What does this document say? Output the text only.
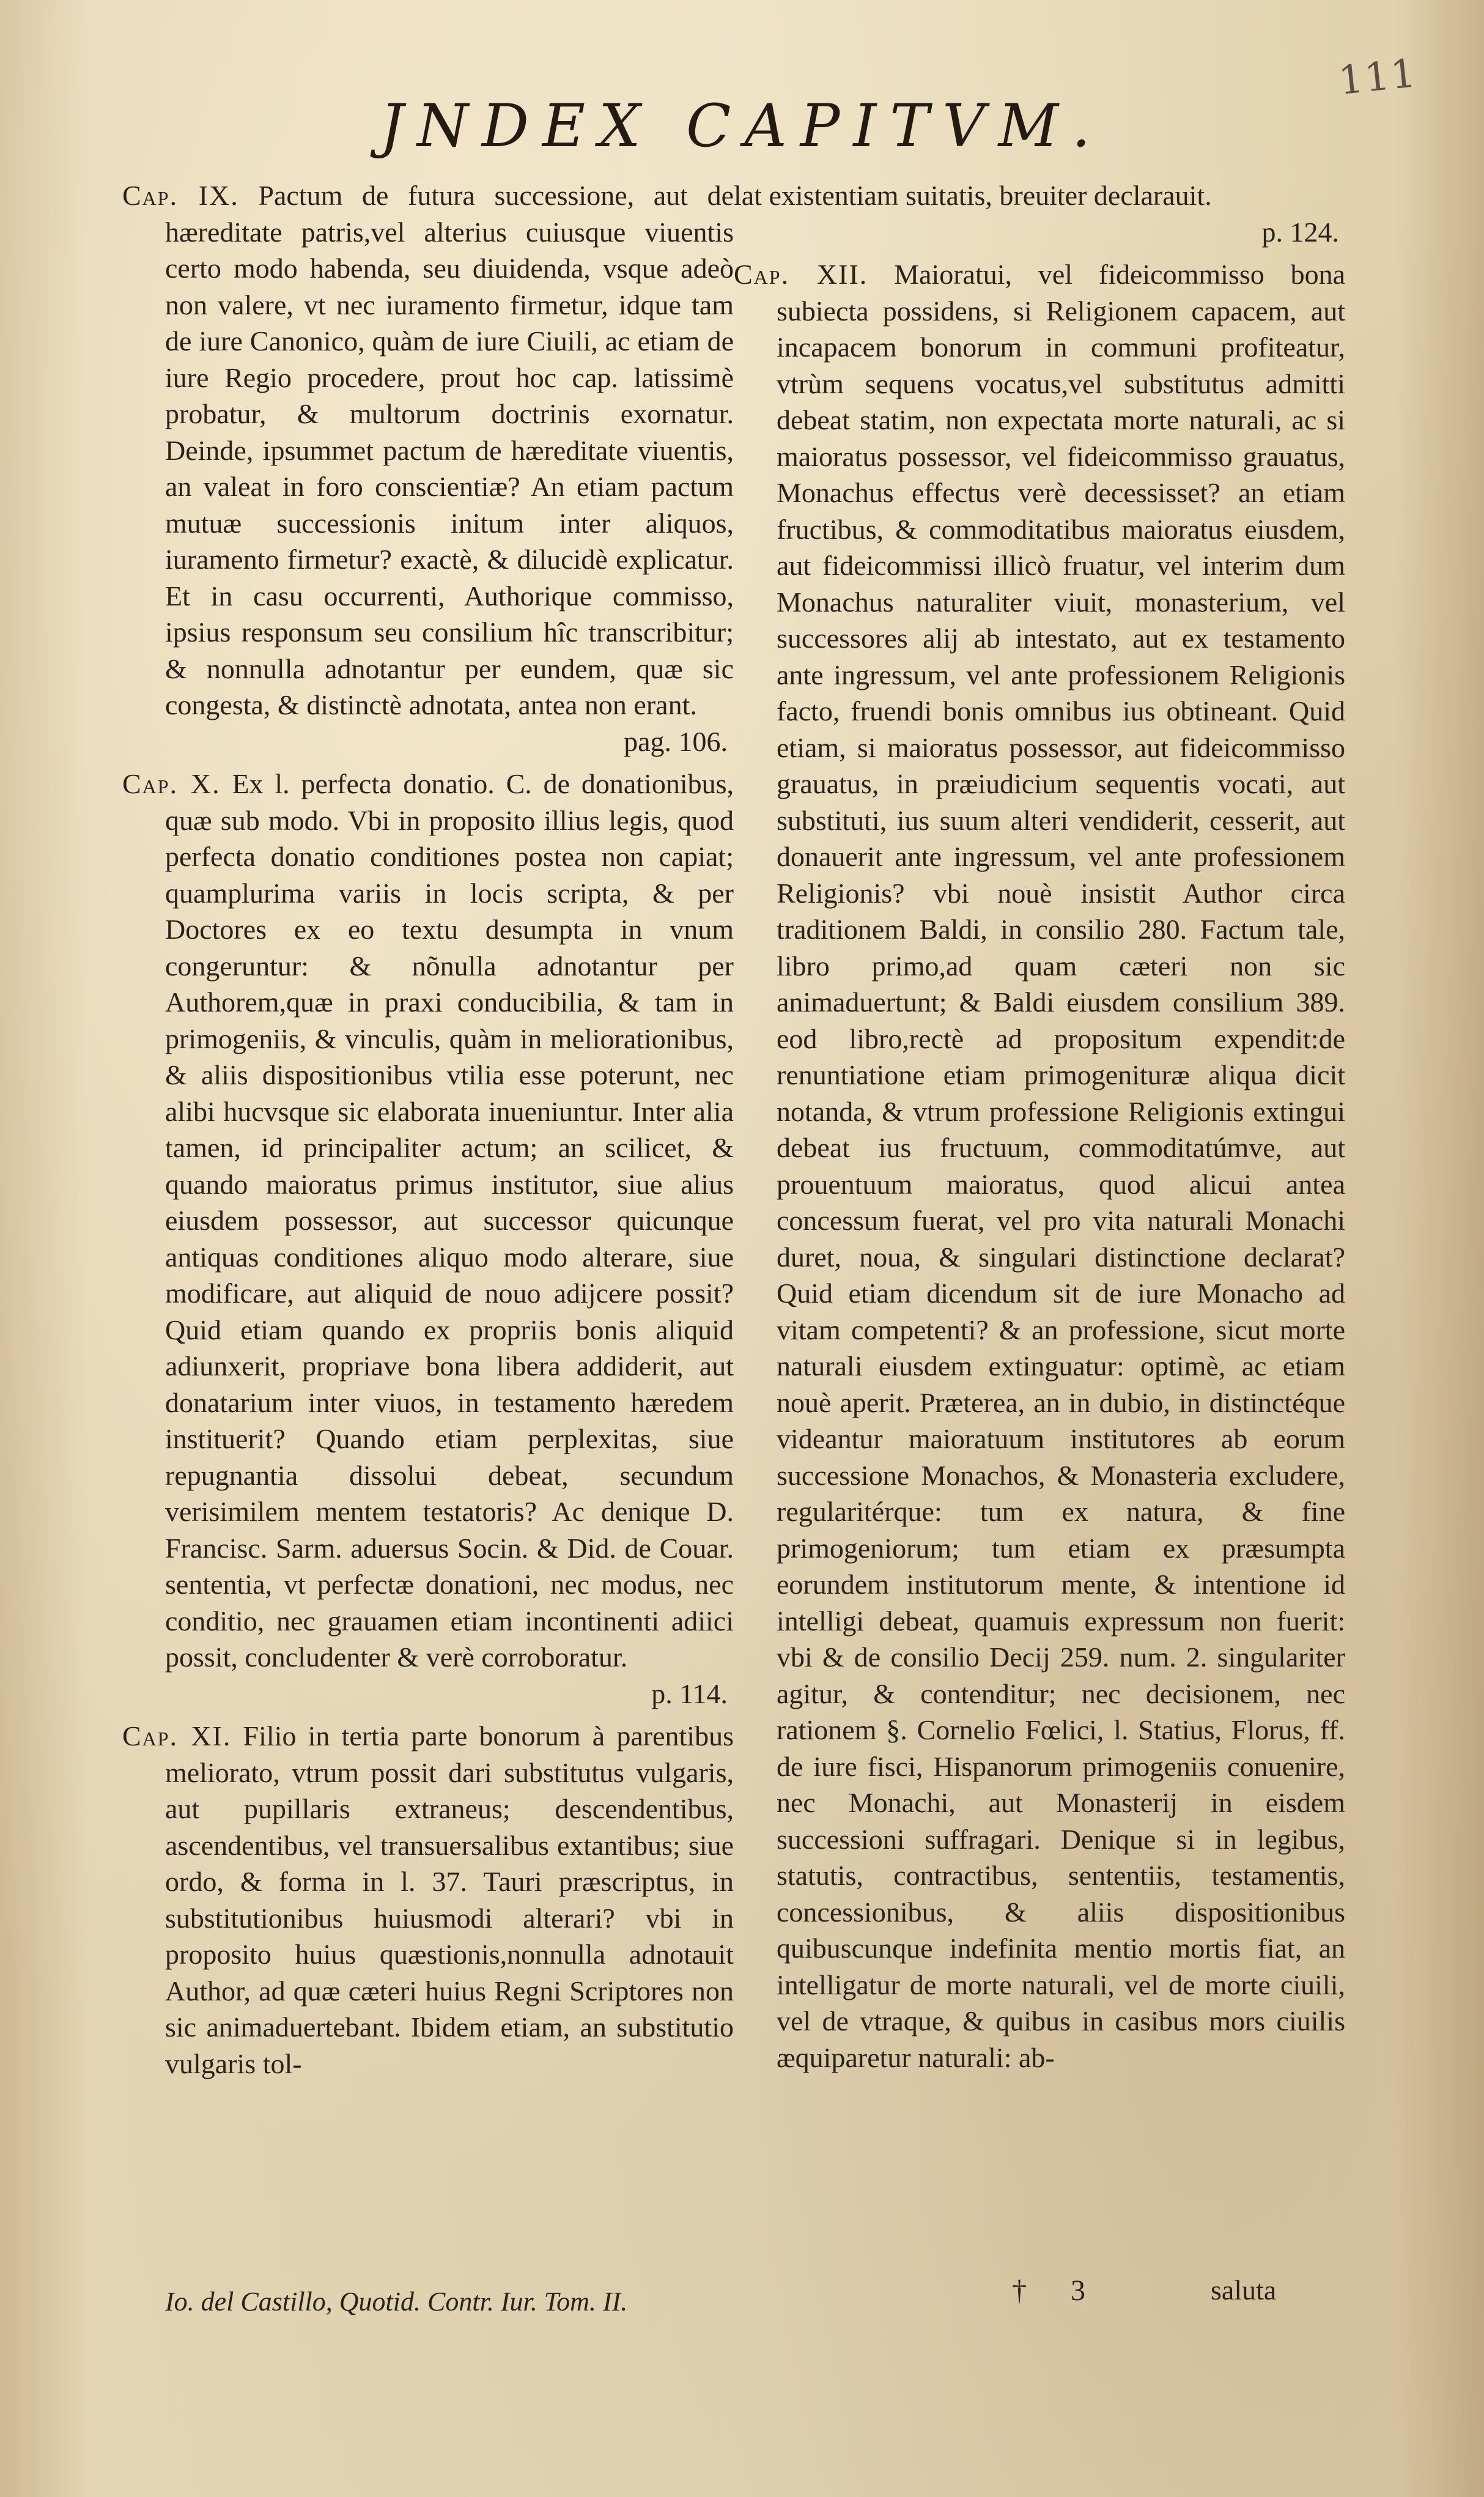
111
JNDEX CAPITVM.

Cap. IX. Pactum de futura successione, aut de hæreditate patris,vel alterius cuiusque viuentis certo modo habenda, seu diuidenda, vsque adeò non valere, vt nec iuramento firmetur, idque tam de iure Canonico, quàm de iure Ciuili, ac etiam de iure Regio procedere, prout hoc cap. latissimè probatur, & multorum doctrinis exornatur. Deinde, ipsummet pactum de hæreditate viuentis, an valeat in foro conscientiæ? An etiam pactum mutuæ successionis initum inter aliquos, iuramento firmetur? exactè, & dilucidè explicatur. Et in casu occurrenti, Authorique commisso, ipsius responsum seu consilium hîc transcribitur; & nonnulla adnotantur per eundem, quæ sic congesta, & distinctè adnotata, antea non erant.
pag. 106.

Cap. X. Ex l. perfecta donatio. C. de donationibus, quæ sub modo. Vbi in proposito illius legis, quod perfecta donatio conditiones postea non capiat; quamplurima variis in locis scripta, & per Doctores ex eo textu desumpta in vnum congeruntur: & nõnulla adnotantur per Authorem,quæ in praxi conducibilia, & tam in primogeniis, & vinculis, quàm in meliorationibus, & aliis dispositionibus vtilia esse poterunt, nec alibi hucvsque sic elaborata inueniuntur. Inter alia tamen, id principaliter actum; an scilicet, & quando maioratus primus institutor, siue alius eiusdem possessor, aut successor quicunque antiquas conditiones aliquo modo alterare, siue modificare, aut aliquid de nouo adijcere possit? Quid etiam quando ex propriis bonis aliquid adiunxerit, propriave bona libera addiderit, aut donatarium inter viuos, in testamento hæredem instituerit? Quando etiam perplexitas, siue repugnantia dissolui debeat, secundum verisimilem mentem testatoris? Ac denique D. Francisc. Sarm. aduersus Socin. & Did. de Couar. sententia, vt perfectæ donationi, nec modus, nec conditio, nec grauamen etiam incontinenti adiici possit, concludenter & verè corroboratur.
p. 114.

Cap. XI. Filio in tertia parte bonorum à parentibus meliorato, vtrum possit dari substitutus vulgaris, aut pupillaris extraneus; descendentibus, ascendentibus, vel transuersalibus extantibus; siue ordo, & forma in l. 37. Tauri præscriptus, in substitutionibus huiusmodi alterari? vbi in proposito huius quæstionis,nonnulla adnotauit Author, ad quæ cæteri huius Regni Scriptores non sic animaduertebant. Ibidem etiam, an substitutio vulgaris tol-

lat existentiam suitatis, breuiter declarauit.
p. 124.

Cap. XII. Maioratui, vel fideicommisso bona subiecta possidens, si Religionem capacem, aut incapacem bonorum in communi profiteatur, vtrùm sequens vocatus,vel substitutus admitti debeat statim, non expectata morte naturali, ac si maioratus possessor, vel fideicommisso grauatus, Monachus effectus verè decessisset? an etiam fructibus, & commoditatibus maioratus eiusdem, aut fideicommissi illicò fruatur, vel interim dum Monachus naturaliter viuit, monasterium, vel successores alij ab intestato, aut ex testamento ante ingressum, vel ante professionem Religionis facto, fruendi bonis omnibus ius obtineant. Quid etiam, si maioratus possessor, aut fideicommisso grauatus, in præiudicium sequentis vocati, aut substituti, ius suum alteri vendiderit, cesserit, aut donauerit ante ingressum, vel ante professionem Religionis? vbi nouè insistit Author circa traditionem Baldi, in consilio 280. Factum tale, libro primo,ad quam cæteri non sic animaduertunt; & Baldi eiusdem consilium 389. eod libro,rectè ad propositum expendit:de renuntiatione etiam primogenituræ aliqua dicit notanda, & vtrum professione Religionis extingui debeat ius fructuum, commoditatúmve, aut prouentuum maioratus, quod alicui antea concessum fuerat, vel pro vita naturali Monachi duret, noua, & singulari distinctione declarat? Quid etiam dicendum sit de iure Monacho ad vitam competenti? & an professione, sicut morte naturali eiusdem extinguatur: optimè, ac etiam nouè aperit. Præterea, an in dubio, in distinctéque videantur maioratuum institutores ab eorum successione Monachos, & Monasteria excludere, regularitérque: tum ex natura, & fine primogeniorum; tum etiam ex præsumpta eorundem institutorum mente, & intentione id intelligi debeat, quamuis expressum non fuerit: vbi & de consilio Decij 259. num. 2. singulariter agitur, & contenditur; nec decisionem, nec rationem §. Cornelio Fœlici, l. Statius, Florus, ff. de iure fisci, Hispanorum primogeniis conuenire, nec Monachi, aut Monasterij in eisdem successioni suffragari. Denique si in legibus, statutis, contractibus, sententiis, testamentis, concessionibus, & aliis dispositionibus quibuscunque indefinita mentio mortis fiat, an intelligatur de morte naturali, vel de morte ciuili, vel de vtraque, & quibus in casibus mors ciuilis æquiparetur naturali: ab-

Io. del Castillo, Quotid. Contr. Iur. Tom. II.	† 3	saluta
